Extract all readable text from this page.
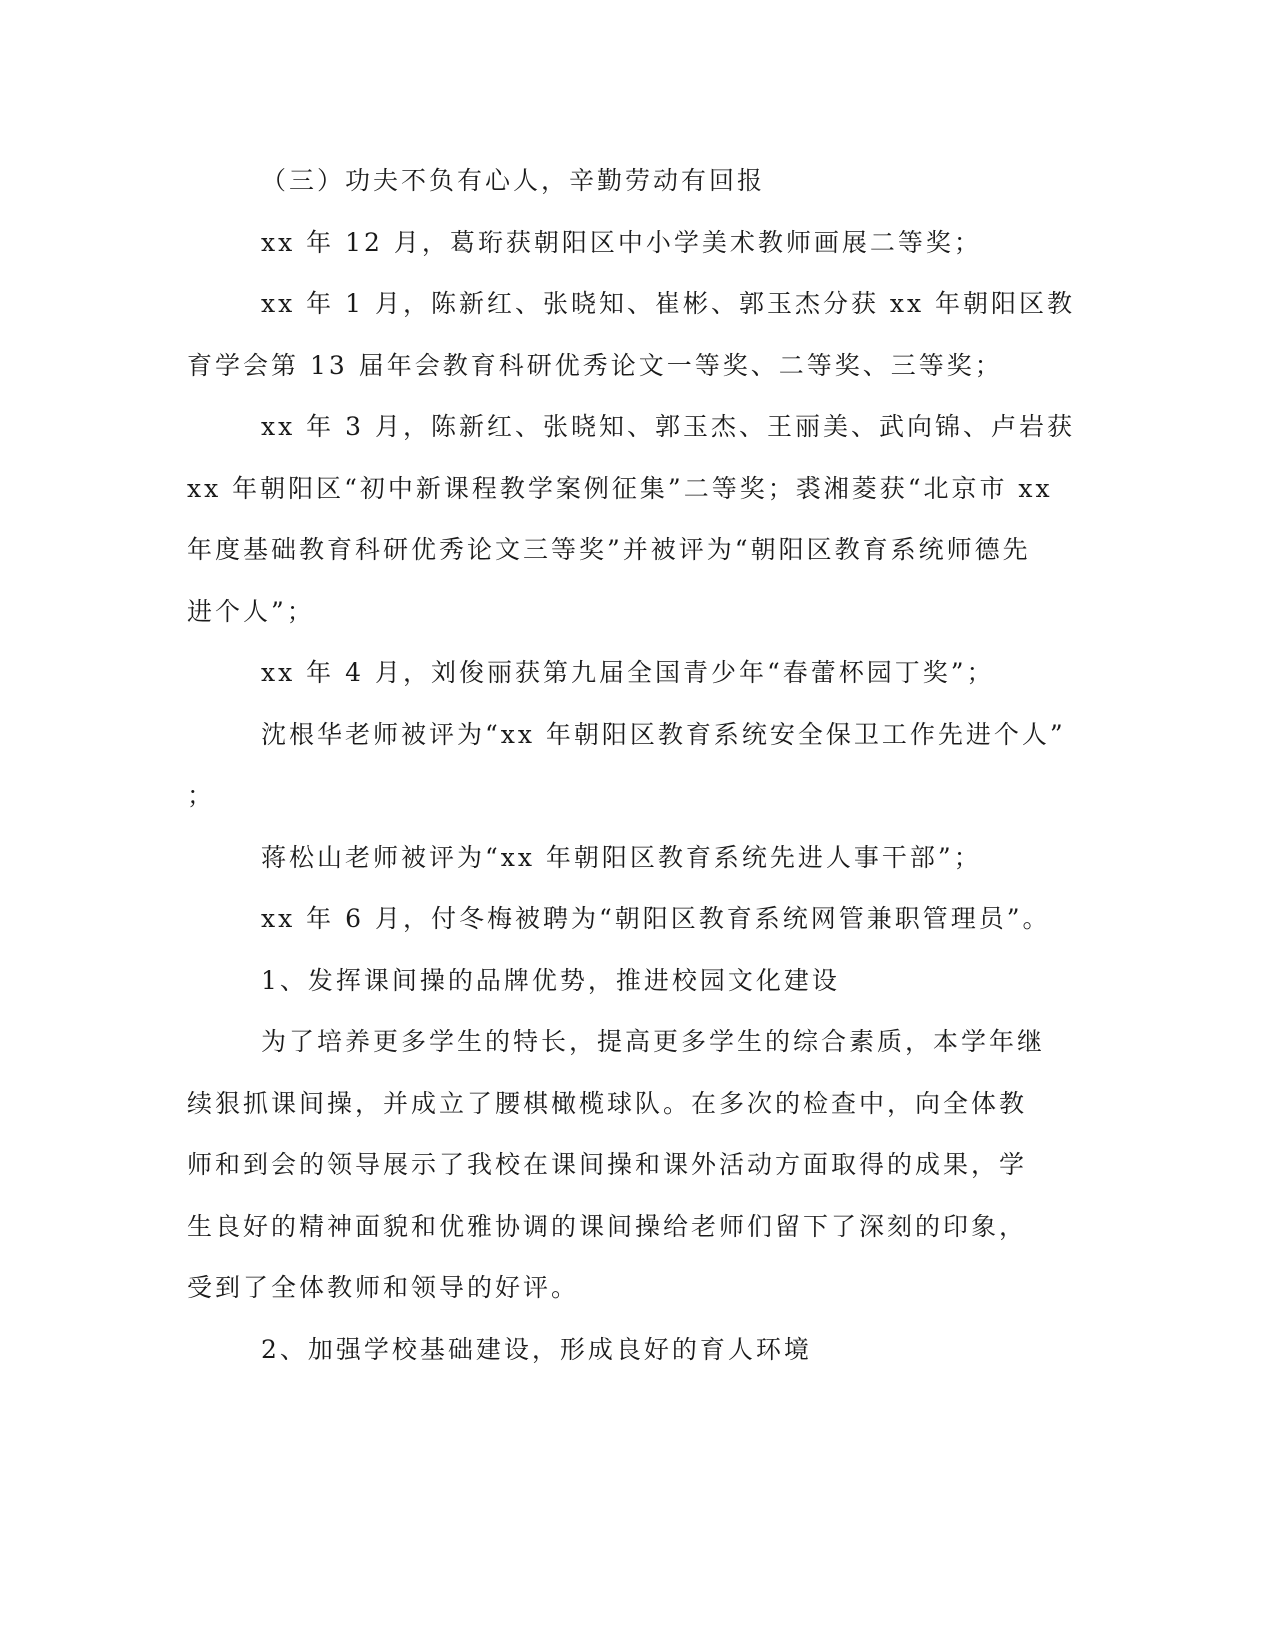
（三）功夫不负有心人，辛勤劳动有回报
xx 年 12 月，葛珩获朝阳区中小学美术教师画展二等奖；
xx 年 1 月，陈新红、张晓知、崔彬、郭玉杰分获 xx 年朝阳区教
育学会第 13 届年会教育科研优秀论文一等奖、二等奖、三等奖；
xx 年 3 月，陈新红、张晓知、郭玉杰、王丽美、武向锦、卢岩获
xx 年朝阳区“初中新课程教学案例征集”二等奖；裘湘菱获“北京市 xx
年度基础教育科研优秀论文三等奖”并被评为“朝阳区教育系统师德先
进个人”；
xx 年 4 月，刘俊丽获第九届全国青少年“春蕾杯园丁奖”；
沈根华老师被评为“xx 年朝阳区教育系统安全保卫工作先进个人”
；
蒋松山老师被评为“xx 年朝阳区教育系统先进人事干部”；
xx 年 6 月，付冬梅被聘为“朝阳区教育系统网管兼职管理员”。
1、发挥课间操的品牌优势，推进校园文化建设
为了培养更多学生的特长，提高更多学生的综合素质，本学年继
续狠抓课间操，并成立了腰棋橄榄球队。在多次的检查中，向全体教
师和到会的领导展示了我校在课间操和课外活动方面取得的成果，学
生良好的精神面貌和优雅协调的课间操给老师们留下了深刻的印象，
受到了全体教师和领导的好评。
2、加强学校基础建设，形成良好的育人环境
